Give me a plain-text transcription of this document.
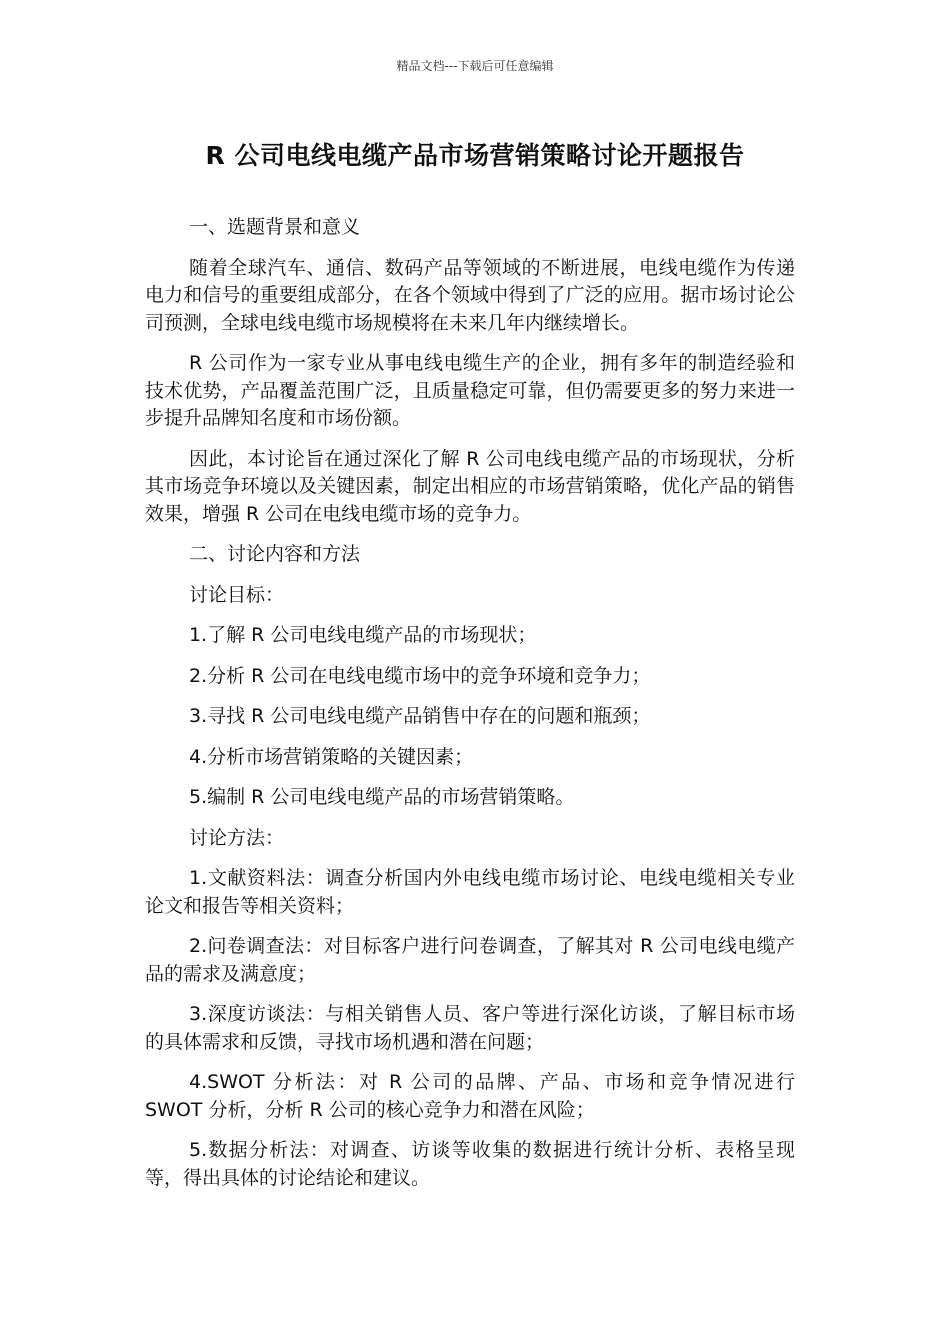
精品文档---下载后可任意编辑
R 公司电线电缆产品市场营销策略讨论开题报告

一、选题背景和意义

随着全球汽车、通信、数码产品等领域的不断进展，电线电缆作为传递电力和信号的重要组成部分，在各个领域中得到了广泛的应用。据市场讨论公司预测，全球电线电缆市场规模将在未来几年内继续增长。

R 公司作为一家专业从事电线电缆生产的企业，拥有多年的制造经验和技术优势，产品覆盖范围广泛，且质量稳定可靠，但仍需要更多的努力来进一步提升品牌知名度和市场份额。

因此，本讨论旨在通过深化了解 R 公司电线电缆产品的市场现状，分析其市场竞争环境以及关键因素，制定出相应的市场营销策略，优化产品的销售效果，增强 R 公司在电线电缆市场的竞争力。

二、讨论内容和方法

讨论目标：

1.了解 R 公司电线电缆产品的市场现状；

2.分析 R 公司在电线电缆市场中的竞争环境和竞争力；

3.寻找 R 公司电线电缆产品销售中存在的问题和瓶颈；

4.分析市场营销策略的关键因素；

5.编制 R 公司电线电缆产品的市场营销策略。

讨论方法：

1.文献资料法：调查分析国内外电线电缆市场讨论、电线电缆相关专业论文和报告等相关资料；

2.问卷调查法：对目标客户进行问卷调查，了解其对 R 公司电线电缆产品的需求及满意度；

3.深度访谈法：与相关销售人员、客户等进行深化访谈，了解目标市场的具体需求和反馈，寻找市场机遇和潜在问题；

4.SWOT 分析法：对 R 公司的品牌、产品、市场和竞争情况进行 SWOT 分析，分析 R 公司的核心竞争力和潜在风险；

5.数据分析法：对调查、访谈等收集的数据进行统计分析、表格呈现等，得出具体的讨论结论和建议。
